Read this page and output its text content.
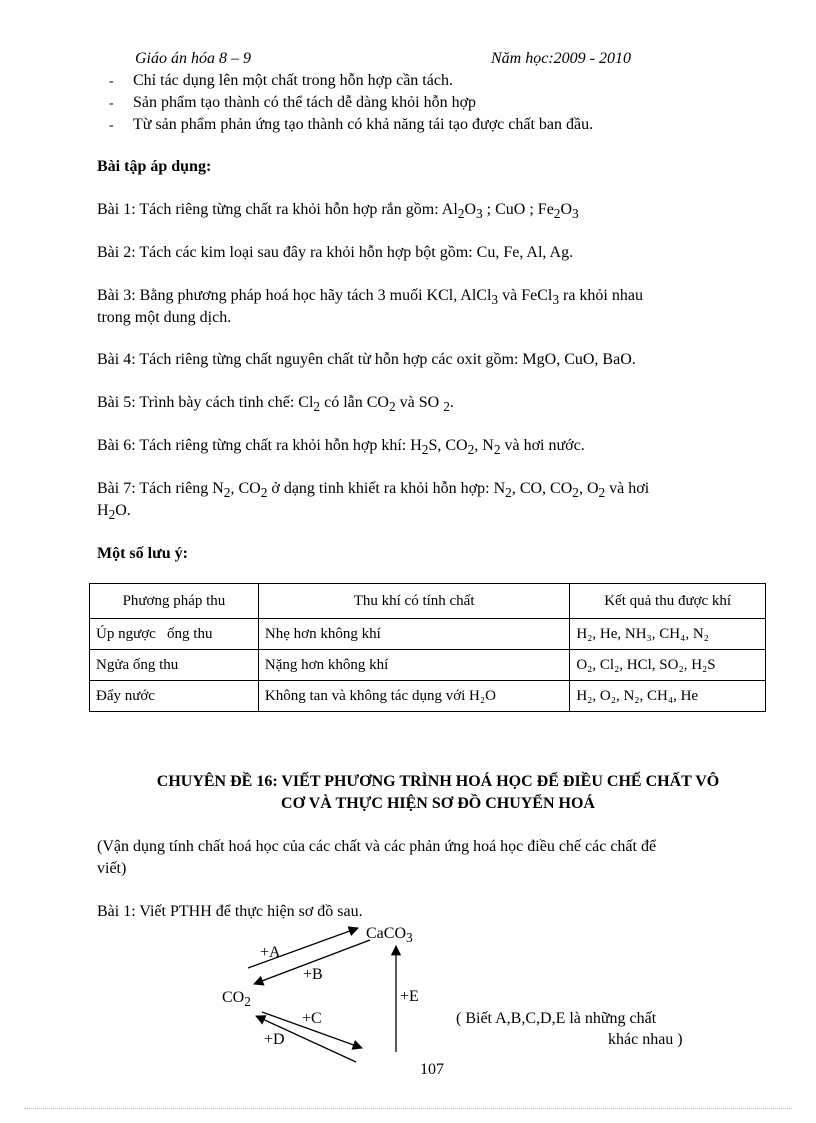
Giáo án hóa 8 – 9	Năm học:2009 - 2010
- Chỉ tác dụng lên một chất trong hỗn hợp cần tách.
- Sản phẩm tạo thành có thể tách dễ dàng khỏi hỗn hợp
- Từ sản phẩm phản ứng tạo thành có khả năng tái tạo được chất ban đầu.
Bài tập áp dụng:
Bài 1: Tách riêng từng chất ra khỏi hỗn hợp rắn gồm: $Al_2O_3$ ; CuO ; $Fe_2O_3$
Bài 2: Tách các kim loại sau đây ra khỏi hỗn hợp bột gồm: Cu, Fe, Al, Ag.
Bài 3: Bằng phương pháp hoá học hãy tách 3 muối KCl, AlCl$_3$ và FeCl$_3$ ra khỏi nhau
trong một dung dịch.
Bài 4: Tách riêng từng chất nguyên chất từ hỗn hợp các oxit gồm: MgO, CuO, BaO.
Bài 5: Trình bày cách tinh chế: $Cl_2$ có lẫn $CO_2$ và SO $_2$.
Bài 6: Tách riêng từng chất ra khỏi hỗn hợp khí: $H_2S$, $CO_2$, $N_2$ và hơi nước.
Bài 7: Tách riêng $N_2$, $CO_2$ ở dạng tinh khiết ra khỏi hỗn hợp: $N_2$, CO, $CO_2$, $O_2$ và hơi
$H_2O$.
Một số lưu ý:
Phương pháp thu	Thu khí có tính chất	Kết quả thu được khí
Úp ngược   ống thu	Nhẹ hơn không khí	H₂, He, NH₃, CH₄, N₂
Ngửa ống thu	Nặng hơn không khí	O₂, Cl₂, HCl, SO₂, H₂S
Đẩy nước	Không tan và không tác dụng với H₂O	H₂, O₂, N₂, CH₄, He
CHUYÊN ĐỀ 16: VIẾT PHƯƠNG TRÌNH HOÁ HỌC ĐỂ ĐIỀU CHẾ CHẤT VÔ
CƠ VÀ THỰC HIỆN SƠ ĐỒ CHUYỂN HOÁ
(Vận dụng tính chất hoá học của các chất và các phản ứng hoá học điều chế các chất để
viết)
Bài 1: Viết PTHH để thực hiện sơ đồ sau.
CaCO$_3$
$CO_2$
+A
+B
+C
+D
+E
( Biết A,B,C,D,E là những chất
khác nhau )
107
